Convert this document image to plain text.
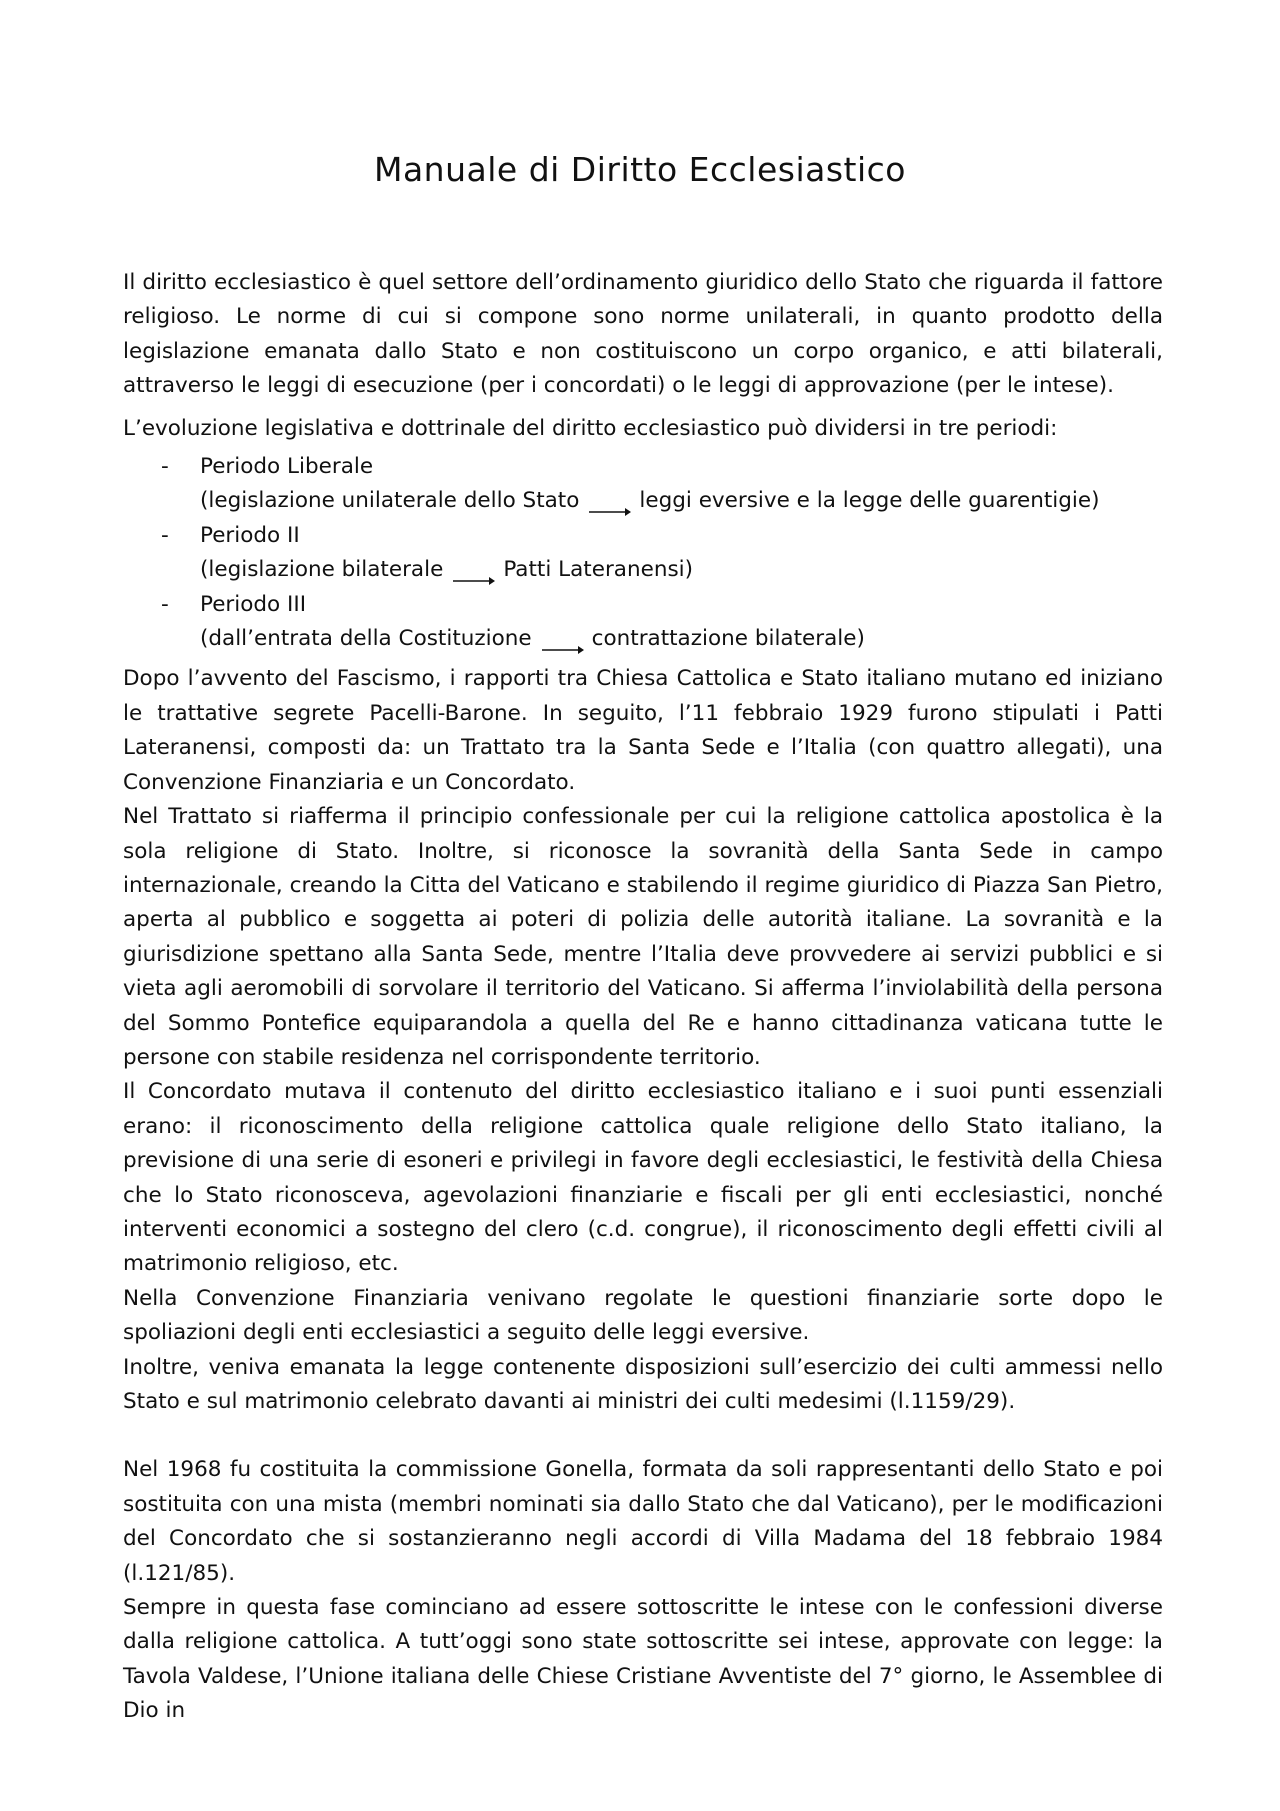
Manuale di Diritto Ecclesiastico

Il diritto ecclesiastico è quel settore dell’ordinamento giuridico dello Stato che riguarda il fattore religioso. Le norme di cui si compone sono norme unilaterali, in quanto prodotto della legislazione emanata dallo Stato e non costituiscono un corpo organico, e atti bilaterali, attraverso le leggi di esecuzione (per i concordati) o le leggi di approvazione (per le intese).

L’evoluzione legislativa e dottrinale del diritto ecclesiastico può dividersi in tre periodi:

- Periodo Liberale
(legislazione unilaterale dello Stato	leggi eversive e la legge delle guarentigie)
- Periodo II
(legislazione bilaterale	Patti Lateranensi)
- Periodo III
(dall’entrata della Costituzione	contrattazione bilaterale)

Dopo l’avvento del Fascismo, i rapporti tra Chiesa Cattolica e Stato italiano mutano ed iniziano le trattative segrete Pacelli-Barone. In seguito, l’11 febbraio 1929 furono stipulati i Patti Lateranensi, composti da: un Trattato tra la Santa Sede e l’Italia (con quattro allegati), una Convenzione Finanziaria e un Concordato.

Nel Trattato si riafferma il principio confessionale per cui la religione cattolica apostolica è la sola religione di Stato. Inoltre, si riconosce la sovranità della Santa Sede in campo internazionale, creando la Citta del Vaticano e stabilendo il regime giuridico di Piazza San Pietro, aperta al pubblico e soggetta ai poteri di polizia delle autorità italiane. La sovranità e la giurisdizione spettano alla Santa Sede, mentre l’Italia deve provvedere ai servizi pubblici e si vieta agli aeromobili di sorvolare il territorio del Vaticano. Si afferma l’inviolabilità della persona del Sommo Pontefice equiparandola a quella del Re e hanno cittadinanza vaticana tutte le persone con stabile residenza nel corrispondente territorio.

Il Concordato mutava il contenuto del diritto ecclesiastico italiano e i suoi punti essenziali erano: il riconoscimento della religione cattolica quale religione dello Stato italiano, la previsione di una serie di esoneri e privilegi in favore degli ecclesiastici, le festività della Chiesa che lo Stato riconosceva, agevolazioni finanziarie e fiscali per gli enti ecclesiastici, nonché interventi economici a sostegno del clero (c.d. congrue), il riconoscimento degli effetti civili al matrimonio religioso, etc.

Nella Convenzione Finanziaria venivano regolate le questioni finanziarie sorte dopo le spoliazioni degli enti ecclesiastici a seguito delle leggi eversive.

Inoltre, veniva emanata la legge contenente disposizioni sull’esercizio dei culti ammessi nello Stato e sul matrimonio celebrato davanti ai ministri dei culti medesimi (l.1159/29).

Nel 1968 fu costituita la commissione Gonella, formata da soli rappresentanti dello Stato e poi sostituita con una mista (membri nominati sia dallo Stato che dal Vaticano), per le modificazioni del Concordato che si sostanzieranno negli accordi di Villa Madama del 18 febbraio 1984 (l.121/85).

Sempre in questa fase cominciano ad essere sottoscritte le intese con le confessioni diverse dalla religione cattolica. A tutt’oggi sono state sottoscritte sei intese, approvate con legge: la Tavola Valdese, l’Unione italiana delle Chiese Cristiane Avventiste del 7° giorno, le Assemblee di Dio in
